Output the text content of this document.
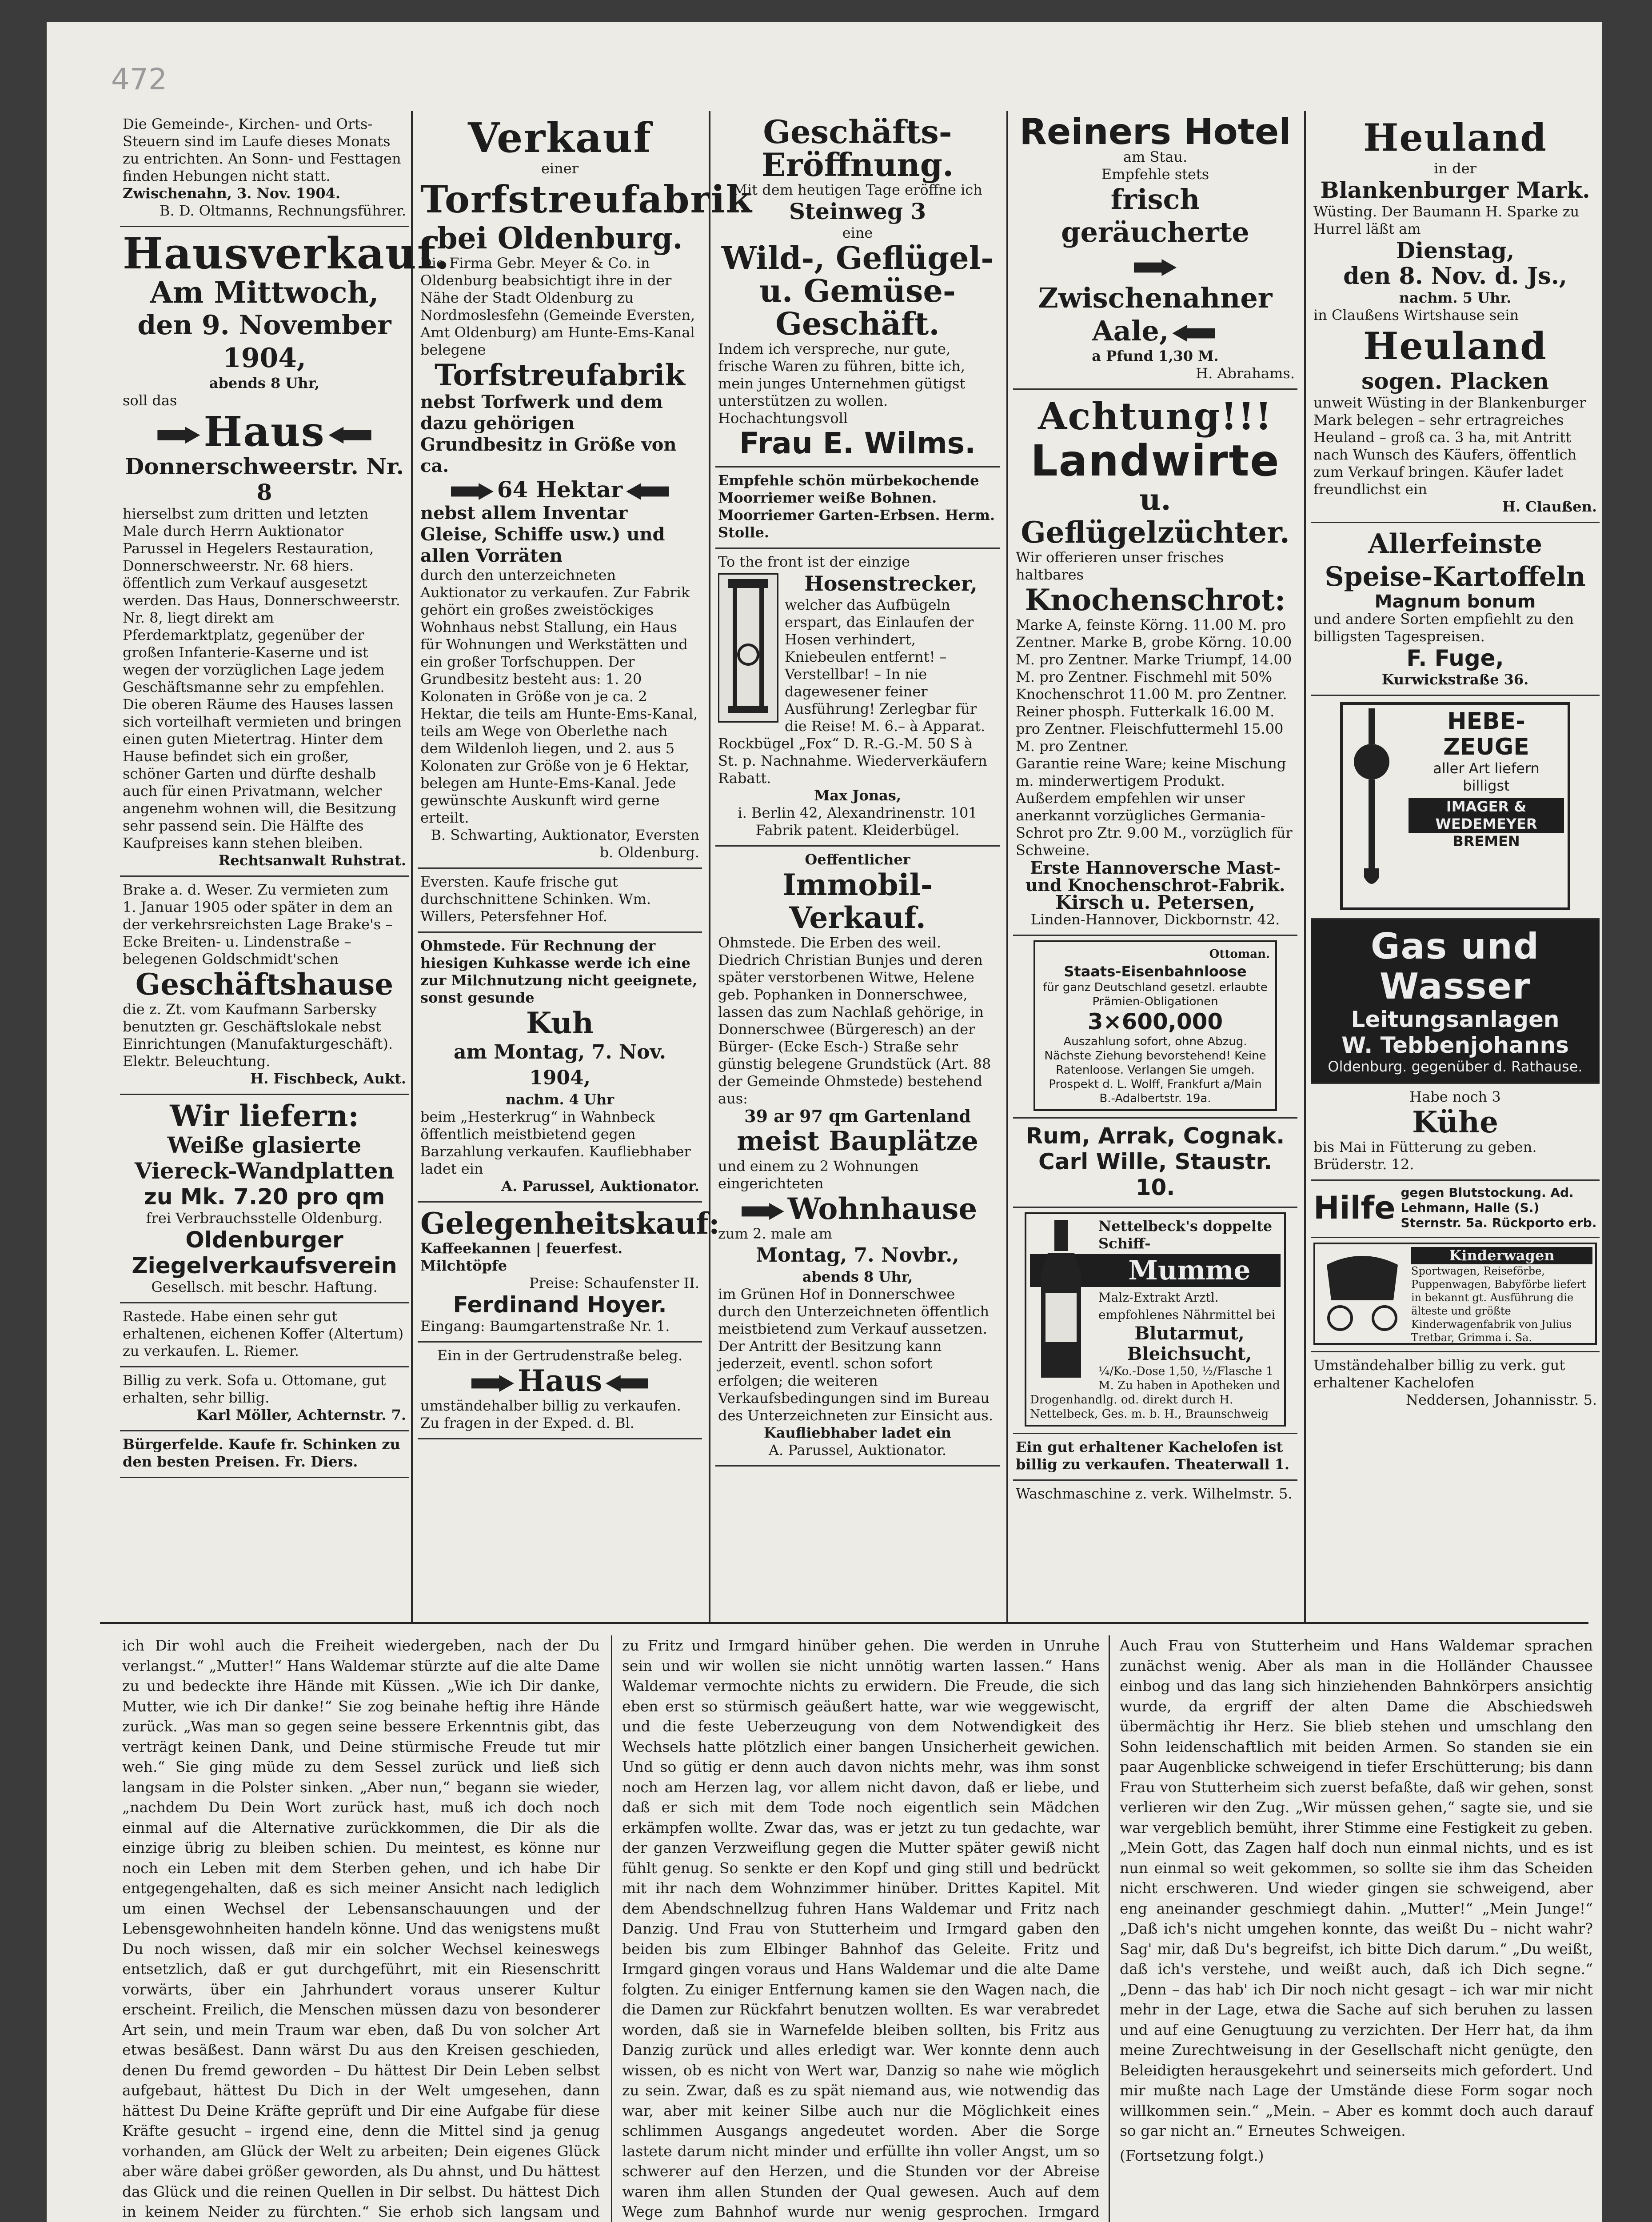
472
Die Gemeinde-, Kirchen- und Orts-Steuern sind im Laufe dieses Monats zu entrichten. An Sonn- und Festtagen finden Hebungen nicht statt.
Zwischenahn, 3. Nov. 1904.
B. D. Oltmanns, Rechnungsführer.
Hausverkauf.
Am Mittwoch,
den 9. November 1904,
abends 8 Uhr,
soll das
Haus
Donnerschweerstr. Nr. 8
hierselbst zum dritten und letzten Male durch Herrn Auktionator Parussel in Hegelers Restauration, Donnerschweerstr. Nr. 68 hiers. öffentlich zum Verkauf ausgesetzt werden. Das Haus, Donnerschweerstr. Nr. 8, liegt direkt am Pferdemarktplatz, gegenüber der großen Infanterie-Kaserne und ist wegen der vorzüglichen Lage jedem Geschäftsmanne sehr zu empfehlen. Die oberen Räume des Hauses lassen sich vorteilhaft vermieten und bringen einen guten Mietertrag. Hinter dem Hause befindet sich ein großer, schöner Garten und dürfte deshalb auch für einen Privatmann, welcher angenehm wohnen will, die Besitzung sehr passend sein. Die Hälfte des Kaufpreises kann stehen bleiben.
Rechtsanwalt Ruhstrat.
Brake a. d. Weser. Zu vermieten zum 1. Januar 1905 oder später in dem an der verkehrsreichsten Lage Brake's – Ecke Breiten- u. Lindenstraße – belegenen Goldschmidt'schen
Geschäftshause
die z. Zt. vom Kaufmann Sarbersky benutzten gr. Geschäftslokale nebst Einrichtungen (Manufakturgeschäft). Elektr. Beleuchtung.
H. Fischbeck, Aukt.
Wir liefern:
Weiße glasierte Viereck-Wandplatten
zu Mk. 7.20 pro qm
frei Verbrauchsstelle Oldenburg.
Oldenburger Ziegelverkaufsverein
Gesellsch. mit beschr. Haftung.
Rastede. Habe einen sehr gut erhaltenen, eichenen Koffer (Altertum) zu verkaufen. L. Riemer.
Billig zu verk. Sofa u. Ottomane, gut erhalten, sehr billig.
Karl Möller, Achternstr. 7.
Bürgerfelde. Kaufe fr. Schinken zu den besten Preisen. Fr. Diers.
Verkauf
einer
Torfstreufabrik
bei Oldenburg.
Die Firma Gebr. Meyer & Co. in Oldenburg beabsichtigt ihre in der Nähe der Stadt Oldenburg zu Nordmoslesfehn (Gemeinde Eversten, Amt Oldenburg) am Hunte-Ems-Kanal belegene
Torfstreufabrik
nebst Torfwerk und dem dazu gehörigen Grundbesitz in Größe von ca.
64 Hektar
nebst allem Inventar Gleise, Schiffe usw.) und allen Vorräten
durch den unterzeichneten Auktionator zu verkaufen. Zur Fabrik gehört ein großes zweistöckiges Wohnhaus nebst Stallung, ein Haus für Wohnungen und Werkstätten und ein großer Torfschuppen. Der Grundbesitz besteht aus: 1. 20 Kolonaten in Größe von je ca. 2 Hektar, die teils am Hunte-Ems-Kanal, teils am Wege von Oberlethe nach dem Wildenloh liegen, und 2. aus 5 Kolonaten zur Größe von je 6 Hektar, belegen am Hunte-Ems-Kanal. Jede gewünschte Auskunft wird gerne erteilt.
B. Schwarting, Auktionator, Eversten b. Oldenburg.
Eversten. Kaufe frische gut durchschnittene Schinken. Wm. Willers, Petersfehner Hof.
Ohmstede. Für Rechnung der hiesigen Kuhkasse werde ich eine zur Milchnutzung nicht geeignete, sonst gesunde
Kuh
am Montag, 7. Nov. 1904,
nachm. 4 Uhr
beim „Hesterkrug“ in Wahnbeck öffentlich meistbietend gegen Barzahlung verkaufen. Kaufliebhaber ladet ein
A. Parussel, Auktionator.
Gelegenheitskauf:
Kaffeekannen | feuerfest. Milchtöpfe
Preise: Schaufenster II.
Ferdinand Hoyer.
Eingang: Baumgartenstraße Nr. 1.
Ein in der Gertrudenstraße beleg.
Haus
umständehalber billig zu verkaufen. Zu fragen in der Exped. d. Bl.
Geschäfts-Eröffnung.
Mit dem heutigen Tage eröffne ich
Steinweg 3
eine
Wild-, Geflügel- u. Gemüse-Geschäft.
Indem ich verspreche, nur gute, frische Waren zu führen, bitte ich, mein junges Unternehmen gütigst unterstützen zu wollen. Hochachtungsvoll
Frau E. Wilms.
Empfehle schön mürbekochende Moorriemer weiße Bohnen. Moorriemer Garten-Erbsen. Herm. Stolle.
To the front ist der einzige
Hosenstrecker,
welcher das Aufbügeln erspart, das Einlaufen der Hosen verhindert, Kniebeulen entfernt! – Verstellbar! – In nie dagewesener feiner Ausführung! Zerlegbar für die Reise! M. 6.– à Apparat. Rockbügel „Fox“ D. R.-G.-M. 50 S à St. p. Nachnahme. Wiederverkäufern Rabatt.
Max Jonas,
i. Berlin 42, Alexandrinenstr. 101 Fabrik patent. Kleiderbügel.
Oeffentlicher
Immobil-Verkauf.
Ohmstede. Die Erben des weil. Diedrich Christian Bunjes und deren später verstorbenen Witwe, Helene geb. Pophanken in Donnerschwee, lassen das zum Nachlaß gehörige, in Donnerschwee (Bürgeresch) an der Bürger- (Ecke Esch-) Straße sehr günstig belegene Grundstück (Art. 88 der Gemeinde Ohmstede) bestehend aus:
39 ar 97 qm Gartenland
meist Bauplätze
und einem zu 2 Wohnungen eingerichteten
Wohnhause
zum 2. male am
Montag, 7. Novbr.,
abends 8 Uhr,
im Grünen Hof in Donnerschwee durch den Unterzeichneten öffentlich meistbietend zum Verkauf aussetzen. Der Antritt der Besitzung kann jederzeit, eventl. schon sofort erfolgen; die weiteren Verkaufsbedingungen sind im Bureau des Unterzeichneten zur Einsicht aus.
Kaufliebhaber ladet ein
A. Parussel, Auktionator.
Reiners Hotel
am Stau.
Empfehle stets
frisch geräucherte
Zwischenahner Aale,
a Pfund 1,30 M.
H. Abrahams.
Achtung!!!
Landwirte
u. Geflügelzüchter.
Wir offerieren unser frisches haltbares
Knochenschrot:
Marke A, feinste Körng. 11.00 M. pro Zentner. Marke B, grobe Körng. 10.00 M. pro Zentner. Marke Triumpf, 14.00 M. pro Zentner. Fischmehl mit 50% Knochenschrot 11.00 M. pro Zentner. Reiner phosph. Futterkalk 16.00 M. pro Zentner. Fleischfuttermehl 15.00 M. pro Zentner.
Garantie reine Ware; keine Mischung m. minderwertigem Produkt. Außerdem empfehlen wir unser anerkannt vorzügliches Germania-Schrot pro Ztr. 9.00 M., vorzüglich für Schweine.
Erste Hannoversche Mast- und Knochenschrot-Fabrik.
Kirsch u. Petersen,
Linden-Hannover, Dickbornstr. 42.
Ottoman.
Staats-Eisenbahnloose
für ganz Deutschland gesetzl. erlaubte Prämien-Obligationen
3×600,000
Auszahlung sofort, ohne Abzug. Nächste Ziehung bevorstehend! Keine Ratenloose. Verlangen Sie umgeh. Prospekt d. L. Wolff, Frankfurt a/Main B.-Adalbertstr. 19a.
Rum, Arrak, Cognak.
Carl Wille, Staustr. 10.
Nettelbeck's doppelte Schiff-
Mumme
Malz-Extrakt Arztl. empfohlenes Nährmittel bei
Blutarmut, Bleichsucht,
¼/Ko.-Dose 1,50, ½/Flasche 1 M. Zu haben in Apotheken und Drogenhandlg. od. direkt durch H. Nettelbeck, Ges. m. b. H., Braunschweig
Ein gut erhaltener Kachelofen ist billig zu verkaufen. Theaterwall 1.
Waschmaschine z. verk. Wilhelmstr. 5.
Heuland
in der
Blankenburger Mark.
Wüsting. Der Baumann H. Sparke zu Hurrel läßt am
Dienstag,
den 8. Nov. d. Js.,
nachm. 5 Uhr.
in Claußens Wirtshause sein
Heuland
sogen. Placken
unweit Wüsting in der Blankenburger Mark belegen – sehr ertragreiches Heuland – groß ca. 3 ha, mit Antritt nach Wunsch des Käufers, öffentlich zum Verkauf bringen. Käufer ladet freundlichst ein
H. Claußen.
Allerfeinste Speise-Kartoffeln
Magnum bonum
und andere Sorten empfiehlt zu den billigsten Tagespreisen.
F. Fuge,
Kurwickstraße 36.
HEBE-ZEUGE
aller Art liefern billigst
IMAGER & WEDEMEYER
BREMEN
Gas und Wasser
Leitungsanlagen
W. Tebbenjohanns
Oldenburg. gegenüber d. Rathause.
Habe noch 3
Kühe
bis Mai in Fütterung zu geben. Brüderstr. 12.
Hilfe gegen Blutstockung. Ad. Lehmann, Halle (S.) Sternstr. 5a. Rückporto erb.
Kinderwagen
Sportwagen, Reiseförbe, Puppenwagen, Babyförbe liefert in bekannt gt. Ausführung die älteste und größte Kinderwagenfabrik von Julius Tretbar, Grimma i. Sa.
Umständehalber billig zu verk. gut erhaltener Kachelofen
Neddersen, Johannisstr. 5.
ich Dir wohl auch die Freiheit wiedergeben, nach der Du verlangst.“ „Mutter!“ Hans Waldemar stürzte auf die alte Dame zu und bedeckte ihre Hände mit Küssen. „Wie ich Dir danke, Mutter, wie ich Dir danke!“ Sie zog beinahe heftig ihre Hände zurück. „Was man so gegen seine bessere Erkenntnis gibt, das verträgt keinen Dank, und Deine stürmische Freude tut mir weh.“ Sie ging müde zu dem Sessel zurück und ließ sich langsam in die Polster sinken. „Aber nun,“ begann sie wieder, „nachdem Du Dein Wort zurück hast, muß ich doch noch einmal auf die Alternative zurückkommen, die Dir als die einzige übrig zu bleiben schien. Du meintest, es könne nur noch ein Leben mit dem Sterben gehen, und ich habe Dir entgegengehalten, daß es sich meiner Ansicht nach lediglich um einen Wechsel der Lebensanschauungen und der Lebensgewohnheiten handeln könne. Und das wenigstens mußt Du noch wissen, daß mir ein solcher Wechsel keineswegs entsetzlich, daß er gut durchgeführt, mit ein Riesenschritt vorwärts, über ein Jahrhundert voraus unserer Kultur erscheint. Freilich, die Menschen müssen dazu von besonderer Art sein, und mein Traum war eben, daß Du von solcher Art etwas besäßest. Dann wärst Du aus den Kreisen geschieden, denen Du fremd geworden – Du hättest Dir Dein Leben selbst aufgebaut, hättest Du Dich in der Welt umgesehen, dann hättest Du Deine Kräfte geprüft und Dir eine Aufgabe für diese Kräfte gesucht – irgend eine, denn die Mittel sind ja genug vorhanden, am Glück der Welt zu arbeiten; Dein eigenes Glück aber wäre dabei größer geworden, als Du ahnst, und Du hättest das Glück und die reinen Quellen in Dir selbst. Du hättest Dich in keinem Neider zu fürchten.“ Sie erhob sich langsam und
zu Fritz und Irmgard hinüber gehen. Die werden in Unruhe sein und wir wollen sie nicht unnötig warten lassen.“ Hans Waldemar vermochte nichts zu erwidern. Die Freude, die sich eben erst so stürmisch geäußert hatte, war wie weggewischt, und die feste Ueberzeugung von dem Notwendigkeit des Wechsels hatte plötzlich einer bangen Unsicherheit gewichen. Und so gütig er denn auch davon nichts mehr, was ihm sonst noch am Herzen lag, vor allem nicht davon, daß er liebe, und daß er sich mit dem Tode noch eigentlich sein Mädchen erkämpfen wollte. Zwar das, was er jetzt zu tun gedachte, war der ganzen Verzweiflung gegen die Mutter später gewiß nicht fühlt genug. So senkte er den Kopf und ging still und bedrückt mit ihr nach dem Wohnzimmer hinüber. Drittes Kapitel. Mit dem Abendschnellzug fuhren Hans Waldemar und Fritz nach Danzig. Und Frau von Stutterheim und Irmgard gaben den beiden bis zum Elbinger Bahnhof das Geleite. Fritz und Irmgard gingen voraus und Hans Waldemar und die alte Dame folgten. Zu einiger Entfernung kamen sie den Wagen nach, die die Damen zur Rückfahrt benutzen wollten. Es war verabredet worden, daß sie in Warnefelde bleiben sollten, bis Fritz aus Danzig zurück und alles erledigt war. Wer konnte denn auch wissen, ob es nicht von Wert war, Danzig so nahe wie möglich zu sein. Zwar, daß es zu spät niemand aus, wie notwendig das war, aber mit keiner Silbe auch nur die Möglichkeit eines schlimmen Ausgangs angedeutet worden. Aber die Sorge lastete darum nicht minder und erfüllte ihn voller Angst, um so schwerer auf den Herzen, und die Stunden vor der Abreise waren ihm allen Stunden der Qual gewesen. Auch auf dem Wege zum Bahnhof wurde nur wenig gesprochen. Irmgard
Auch Frau von Stutterheim und Hans Waldemar sprachen zunächst wenig. Aber als man in die Holländer Chaussee einbog und das lang sich hinziehenden Bahnkörpers ansichtig wurde, da ergriff der alten Dame die Abschiedsweh übermächtig ihr Herz. Sie blieb stehen und umschlang den Sohn leidenschaftlich mit beiden Armen. So standen sie ein paar Augenblicke schweigend in tiefer Erschütterung; bis dann Frau von Stutterheim sich zuerst befaßte, daß wir gehen, sonst verlieren wir den Zug. „Wir müssen gehen,“ sagte sie, und sie war vergeblich bemüht, ihrer Stimme eine Festigkeit zu geben. „Mein Gott, das Zagen half doch nun einmal nichts, und es ist nun einmal so weit gekommen, so sollte sie ihm das Scheiden nicht erschweren. Und wieder gingen sie schweigend, aber eng aneinander geschmiegt dahin. „Mutter!“ „Mein Junge!“ „Daß ich's nicht umgehen konnte, das weißt Du – nicht wahr? Sag' mir, daß Du's begreifst, ich bitte Dich darum.“ „Du weißt, daß ich's verstehe, und weißt auch, daß ich Dich segne.“ „Denn – das hab' ich Dir noch nicht gesagt – ich war mir nicht mehr in der Lage, etwa die Sache auf sich beruhen zu lassen und auf eine Genugtuung zu verzichten. Der Herr hat, da ihm meine Zurechtweisung in der Gesellschaft nicht genügte, den Beleidigten herausgekehrt und seinerseits mich gefordert. Und mir mußte nach Lage der Umstände diese Form sogar noch willkommen sein.“ „Mein. – Aber es kommt doch auch darauf so gar nicht an.“ Erneutes Schweigen.
(Fortsetzung folgt.)
